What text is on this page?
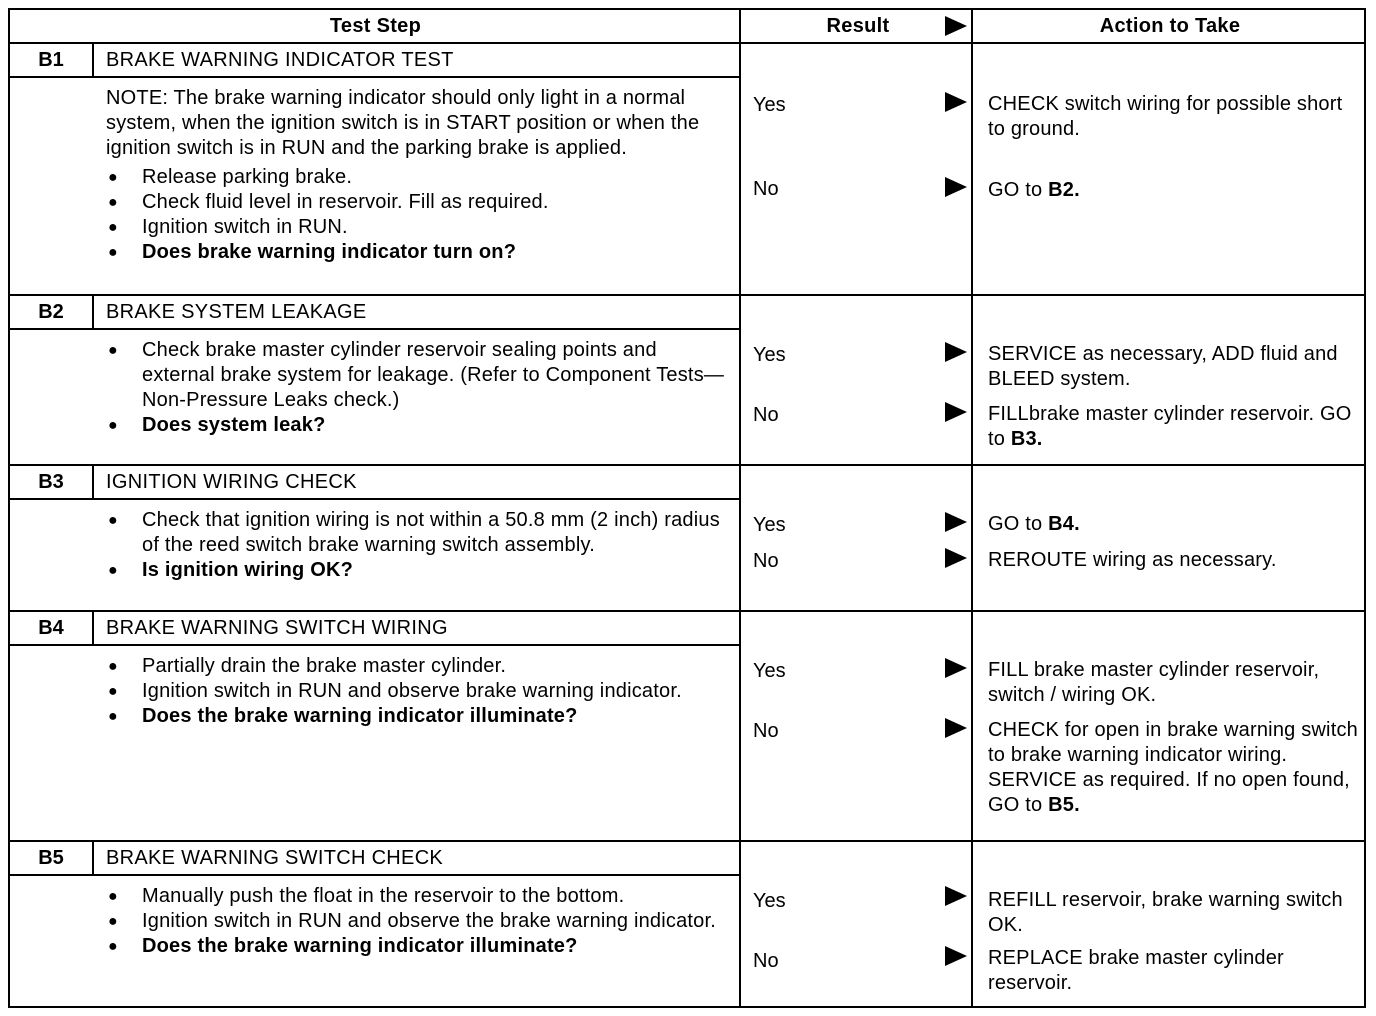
Test Step	Result	Action to Take
B1	BRAKE WARNING INDICATOR TEST
NOTE: The brake warning indicator should only light in a normal system, when the ignition switch is in START position or when the ignition switch is in RUN and the parking brake is applied.
● Release parking brake.
● Check fluid level in reservoir. Fill as required.
● Ignition switch in RUN.
● Does brake warning indicator turn on?
Yes	CHECK switch wiring for possible short to ground.
No	GO to B2.
B2	BRAKE SYSTEM LEAKAGE
● Check brake master cylinder reservoir sealing points and external brake system for leakage. (Refer to Component Tests— Non-Pressure Leaks check.)
● Does system leak?
Yes	SERVICE as necessary, ADD fluid and BLEED system.
No	FILLbrake master cylinder reservoir. GO to B3.
B3	IGNITION WIRING CHECK
● Check that ignition wiring is not within a 50.8 mm (2 inch) radius of the reed switch brake warning switch assembly.
● Is ignition wiring OK?
Yes	GO to B4.
No	REROUTE wiring as necessary.
B4	BRAKE WARNING SWITCH WIRING
● Partially drain the brake master cylinder.
● Ignition switch in RUN and observe brake warning indicator.
● Does the brake warning indicator illuminate?
Yes	FILL brake master cylinder reservoir, switch / wiring OK.
No	CHECK for open in brake warning switch to brake warning indicator wiring.
SERVICE as required. If no open found, GO to B5.
B5	BRAKE WARNING SWITCH CHECK
● Manually push the float in the reservoir to the bottom.
● Ignition switch in RUN and observe the brake warning indicator.
● Does the brake warning indicator illuminate?
Yes	REFILL reservoir, brake warning switch OK.
No	REPLACE brake master cylinder reservoir.
